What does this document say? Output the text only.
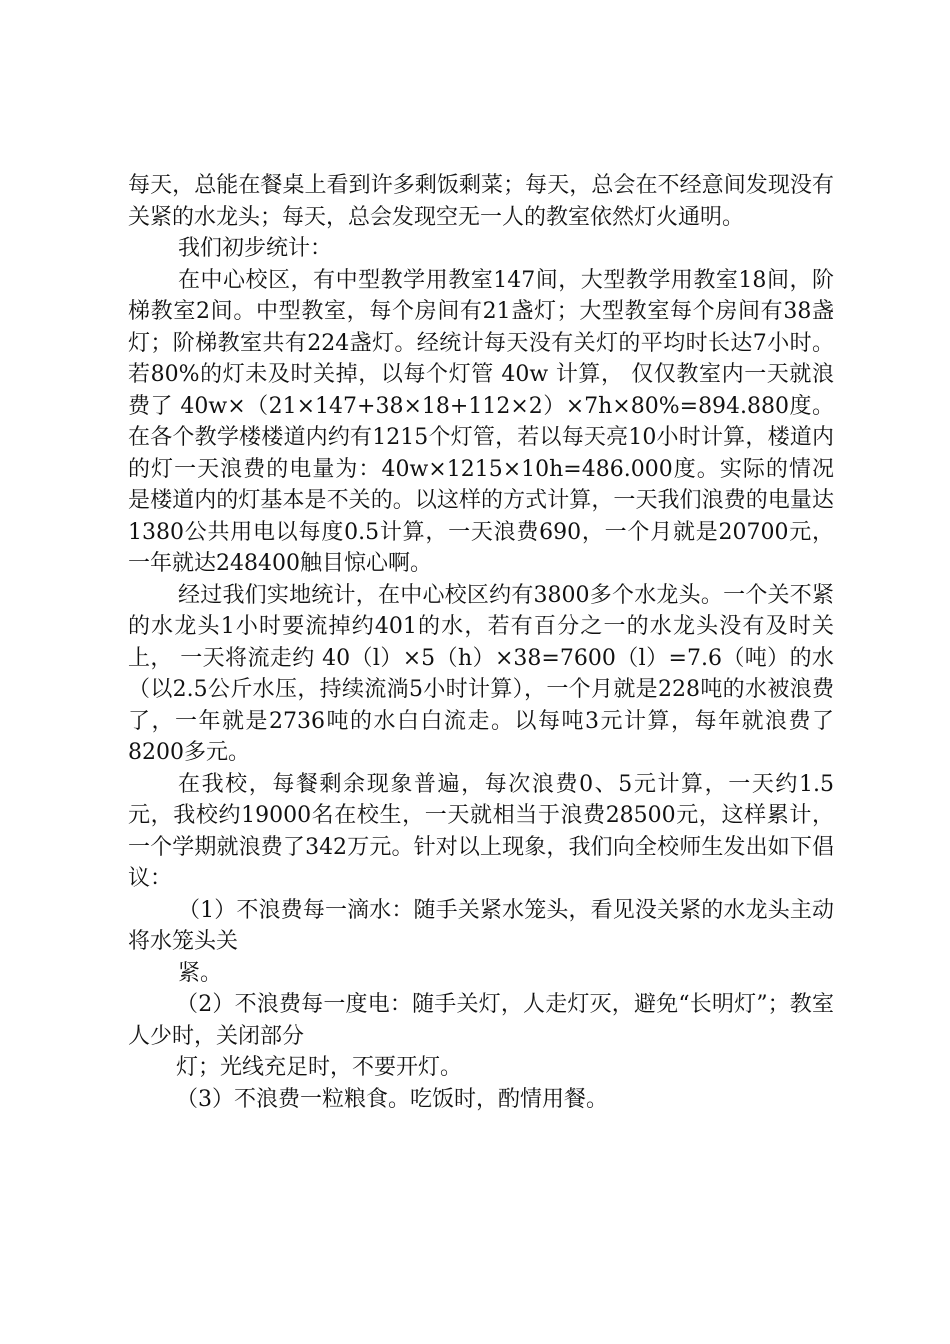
每天，总能在餐桌上看到许多剩饭剩菜；每天，总会在不经意间发现没有关紧的水龙头；每天，总会发现空无一人的教室依然灯火通明。

我们初步统计：

在中心校区，有中型教学用教室147间，大型教学用教室18间，阶梯教室2间。中型教室，每个房间有21盏灯；大型教室每个房间有38盏灯；阶梯教室共有224盏灯。经统计每天没有关灯的平均时长达7小时。若80%的灯未及时关掉，以每个灯管 40w 计算， 仅仅教室内一天就浪费了 40w×（21×147+38×18+112×2）×7h×80%=894.880度。在各个教学楼楼道内约有1215个灯管，若以每天亮10小时计算，楼道内的灯一天浪费的电量为：40w×1215×10h=486.000度。实际的情况是楼道内的灯基本是不关的。以这样的方式计算，一天我们浪费的电量达1380公共用电以每度0.5计算，一天浪费690，一个月就是20700元，一年就达248400触目惊心啊。

经过我们实地统计，在中心校区约有3800多个水龙头。一个关不紧的水龙头1小时要流掉约401的水，若有百分之一的水龙头没有及时关上， 一天将流走约 40（l）×5（h）×38=7600（l）=7.6（吨）的水（以2.5公斤水压，持续流淌5小时计算），一个月就是228吨的水被浪费了，一年就是2736吨的水白白流走。以每吨3元计算，每年就浪费了8200多元。

在我校，每餐剩余现象普遍，每次浪费0、5元计算，一天约1.5元，我校约19000名在校生，一天就相当于浪费28500元，这样累计，一个学期就浪费了342万元。针对以上现象，我们向全校师生发出如下倡议：

（1）不浪费每一滴水：随手关紧水笼头，看见没关紧的水龙头主动将水笼头关

紧。

（2）不浪费每一度电：随手关灯，人走灯灭，避免“长明灯”；教室人少时，关闭部分

灯；光线充足时，不要开灯。

（3）不浪费一粒粮食。吃饭时，酌情用餐。
